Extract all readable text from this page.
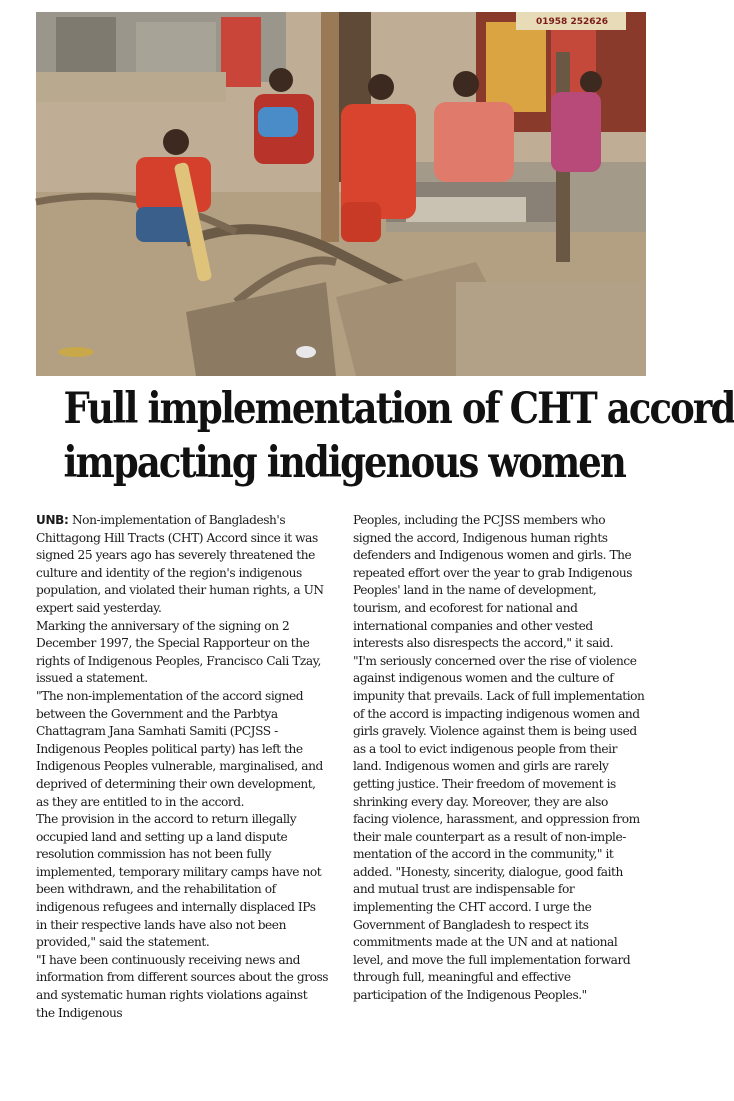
01958 252626
Full implementation of CHT accord
impacting indigenous women

UNB: Non-implementation of Bangladesh's Chittagong Hill Tracts (CHT) Accord since it was signed 25 years ago has severely threatened the culture and identity of the region's indigenous population, and violated their human rights, a UN expert said yesterday.

Marking the anniversary of the signing on 2 December 1997, the Special Rapporteur on the rights of Indigenous Peoples, Francisco Cali Tzay, issued a statement.

"The non-implementation of the accord signed between the Government and the Parbtya Chattagram Jana Samhati Samiti (PCJSS - Indigenous Peoples political party) has left the Indigenous Peoples vulnerable, marginalised, and deprived of determining their own development, as they are entitled to in the accord.

The provision in the accord to return illegally occupied land and setting up a land dispute resolution commission has not been fully implemented, temporary military camps have not been withdrawn, and the rehabilitation of indigenous refugees and internally displaced IPs in their respective lands have also not been provided," said the statement.

"I have been continuously receiving news and information from different sources about the gross and systematic human rights violations against the Indigenous

Peoples, including the PCJSS members who signed the accord, Indigenous human rights defenders and Indigenous women and girls. The repeated effort over the year to grab Indigenous Peoples' land in the name of development, tourism, and ecoforest for national and international companies and other vested interests also disrespects the accord," it said.

"I'm seriously concerned over the rise of violence against indigenous women and the culture of impunity that prevails. Lack of full implementation of the accord is impacting indigenous women and girls gravely. Violence against them is being used as a tool to evict indigenous people from their land. Indigenous women and girls are rarely getting justice. Their freedom of movement is shrinking every day. Moreover, they are also facing violence, harassment, and oppression from their male counterpart as a result of non-implementation of the accord in the community," it added. "Honesty, sincerity, dialogue, good faith and mutual trust are indispensable for implementing the CHT accord. I urge the Government of Bangladesh to respect its commitments made at the UN and at national level, and move the full implementation forward through full, meaningful and effective participation of the Indigenous Peoples."
